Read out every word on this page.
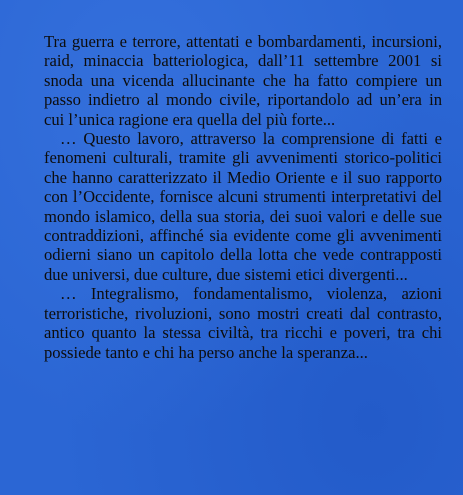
Tra guerra e terrore, attentati e bombardamenti, incursioni, raid, minaccia batteriologica, dall’11 settembre 2001 si snoda una vicenda allucinante che ha fatto compiere un passo indietro al mondo civile, riportandolo ad un’era in cui l’unica ragione era quella del più forte...

… Questo lavoro, attraverso la comprensione di fatti e fenomeni culturali, tramite gli avvenimenti storico-politici che hanno caratterizzato il Medio Oriente e il suo rapporto con l’Occidente, fornisce alcuni strumenti interpretativi del mondo islamico, della sua storia, dei suoi valori e delle sue contraddizioni, affinché sia evidente come gli avvenimenti odierni siano un capitolo della lotta che vede contrapposti due universi, due culture, due sistemi etici divergenti...

… Integralismo, fondamentalismo, violenza, azioni terroristiche, rivoluzioni, sono mostri creati dal contrasto, antico quanto la stessa civiltà, tra ricchi e poveri, tra chi possiede tanto e chi ha perso anche la speranza...
